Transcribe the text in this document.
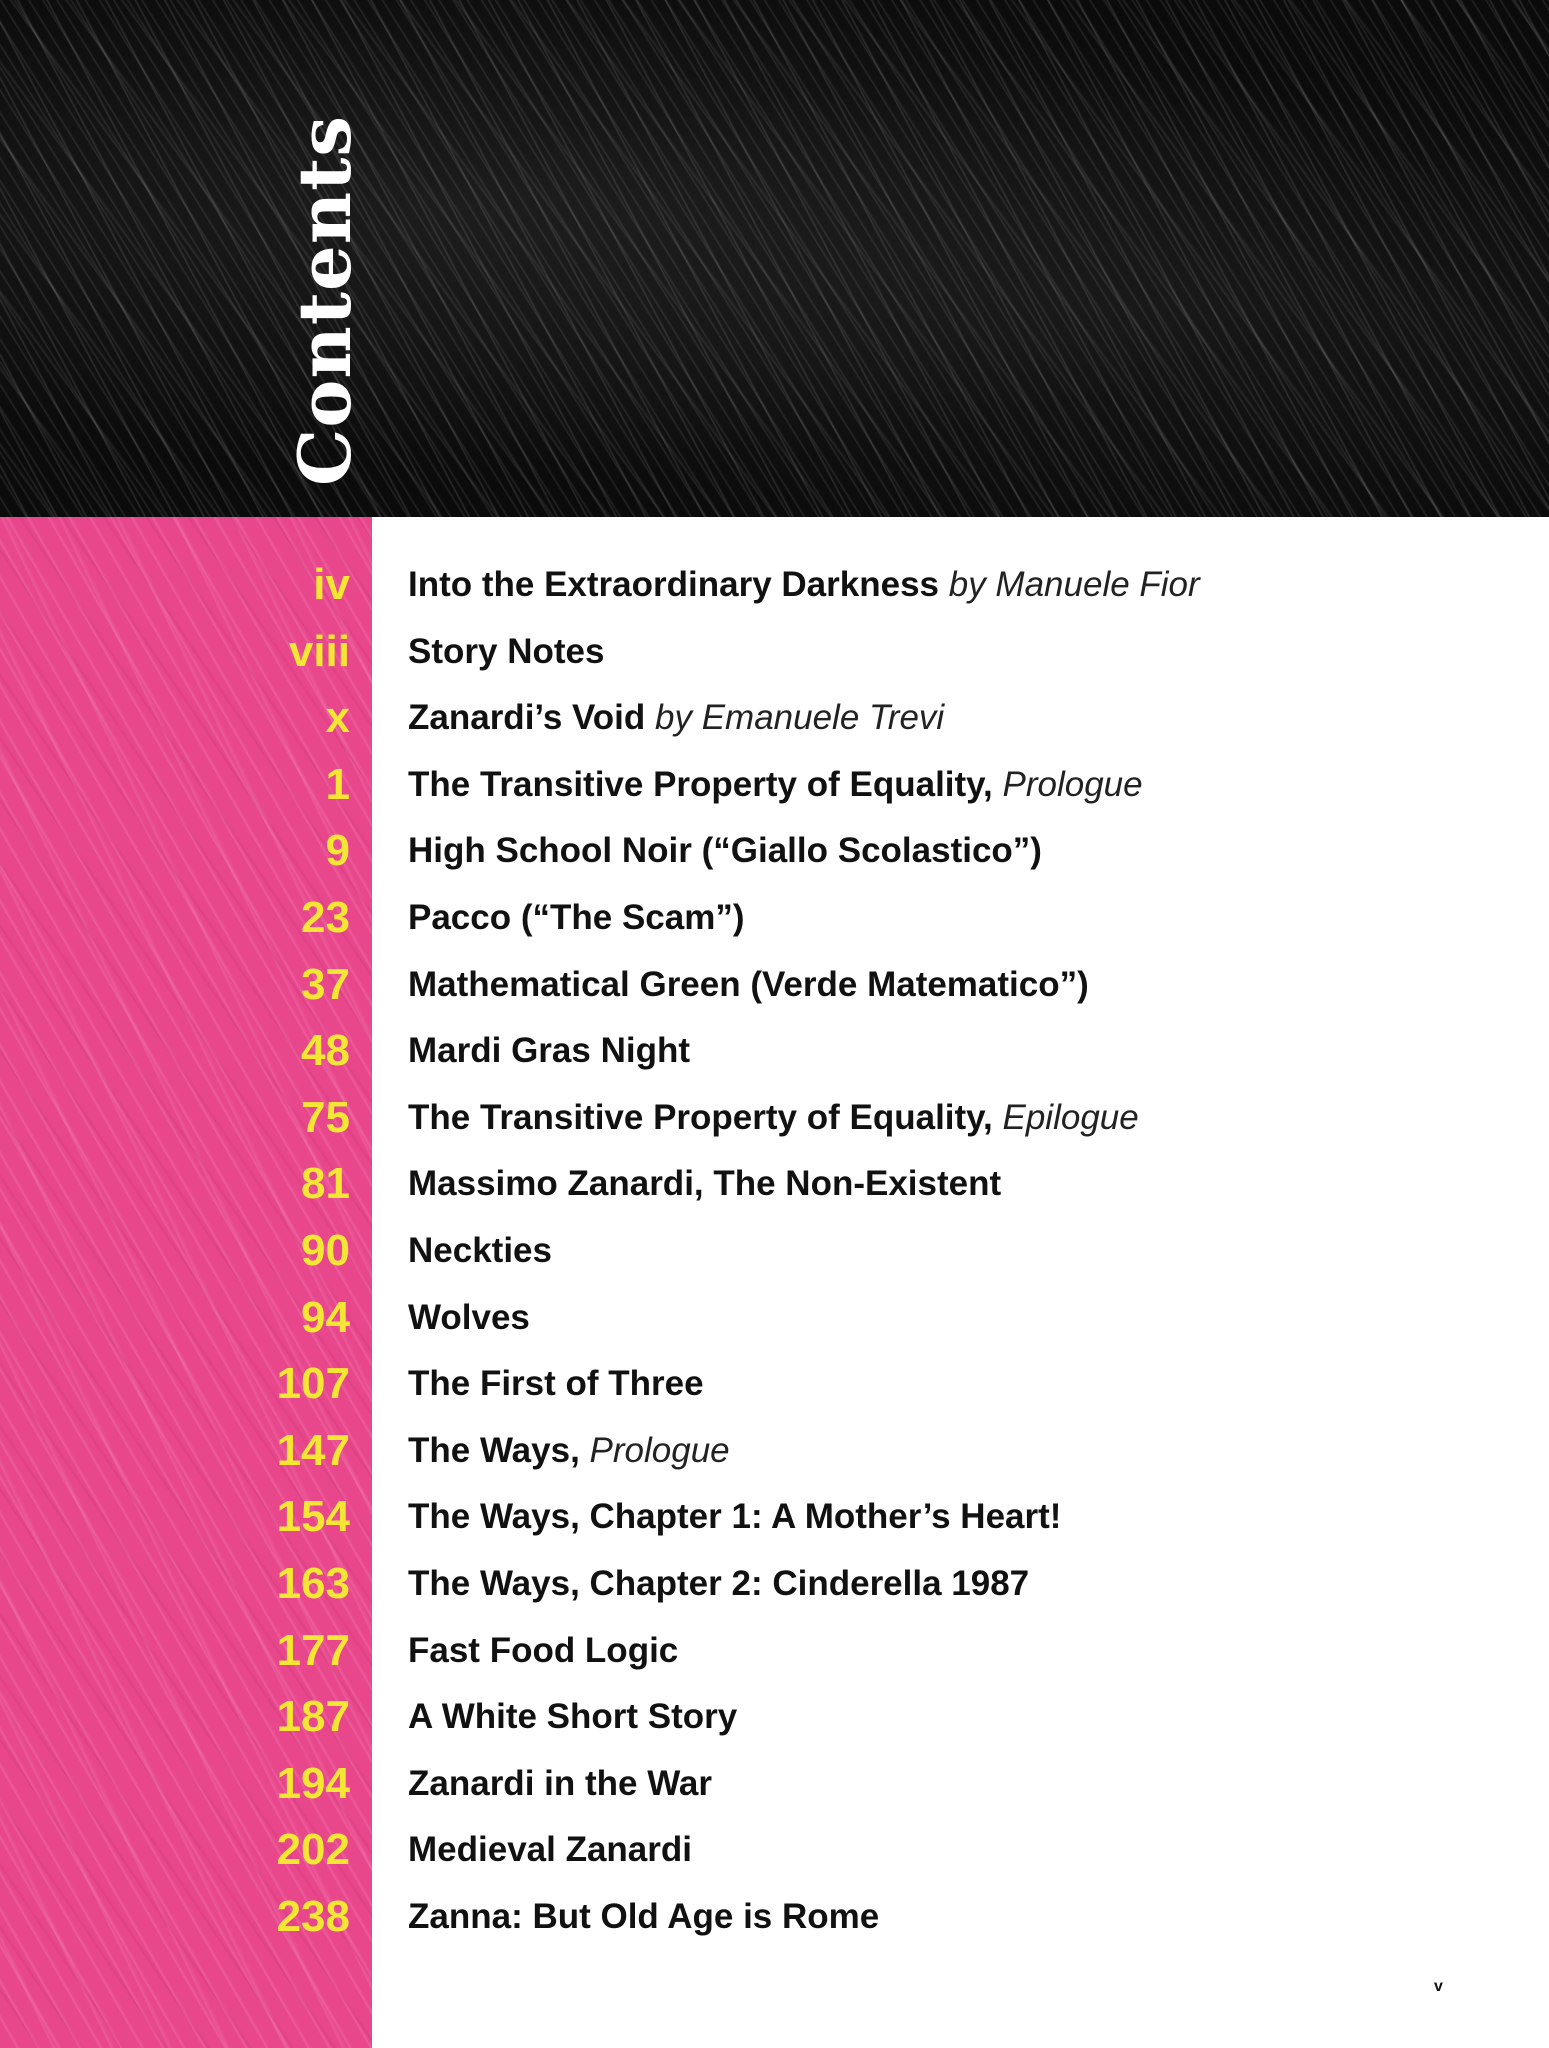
Contents
iv Into the Extraordinary Darkness by Manuele Fior
viii Story Notes
x Zanardi’s Void by Emanuele Trevi
1 The Transitive Property of Equality, Prologue
9 High School Noir (“Giallo Scolastico”)
23 Pacco (“The Scam”)
37 Mathematical Green (Verde Matematico”)
48 Mardi Gras Night
75 The Transitive Property of Equality, Epilogue
81 Massimo Zanardi, The Non-Existent
90 Neckties
94 Wolves
107 The First of Three
147 The Ways, Prologue
154 The Ways, Chapter 1: A Mother’s Heart!
163 The Ways, Chapter 2: Cinderella 1987
177 Fast Food Logic
187 A White Short Story
194 Zanardi in the War
202 Medieval Zanardi
238 Zanna: But Old Age is Rome
v
